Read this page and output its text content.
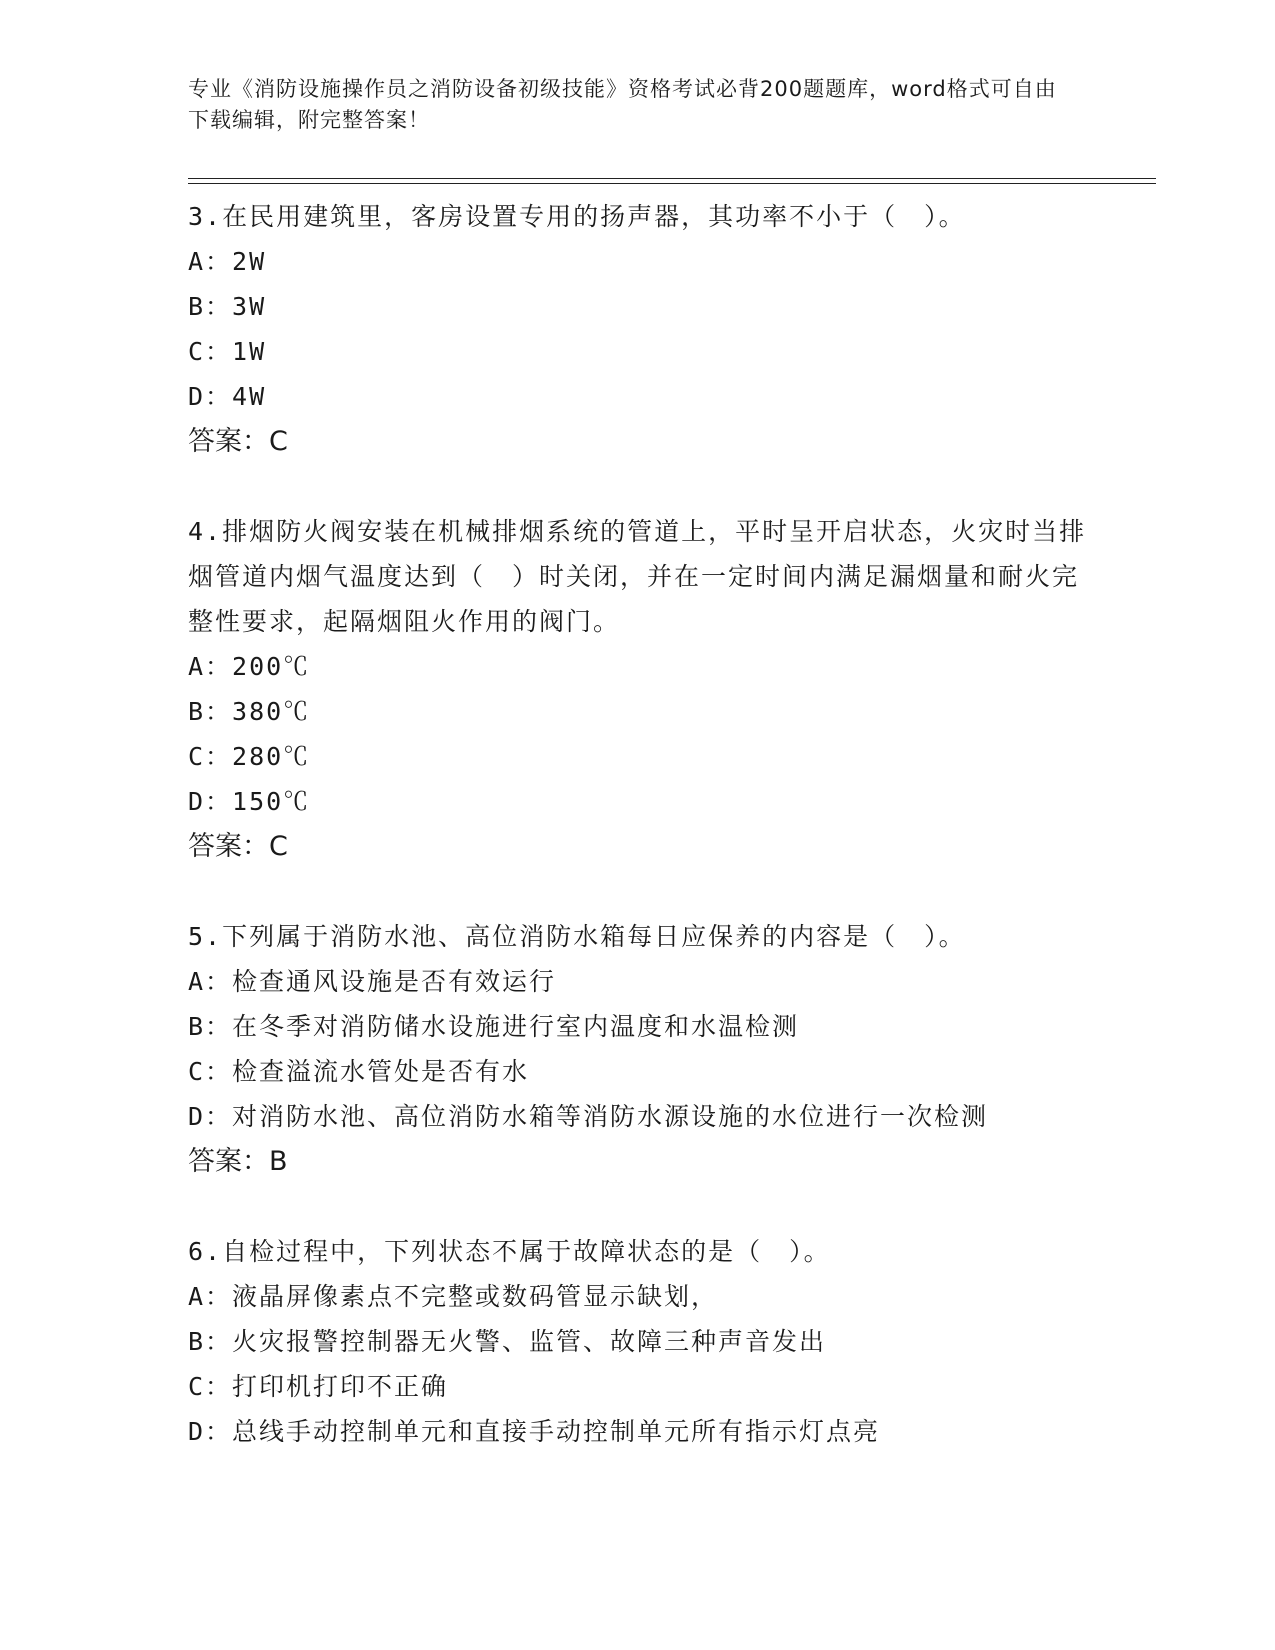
专业《消防设施操作员之消防设备初级技能》资格考试必背200题题库，word格式可自由下载编辑，附完整答案！

3.在民用建筑里，客房设置专用的扬声器，其功率不小于（　）。

A：2W

B：3W

C：1W

D：4W

答案：C

4.排烟防火阀安装在机械排烟系统的管道上，平时呈开启状态，火灾时当排烟管道内烟气温度达到（　）时关闭，并在一定时间内满足漏烟量和耐火完整性要求，起隔烟阻火作用的阀门。

A：200℃

B：380℃

C：280℃

D：150℃

答案：C

5.下列属于消防水池、高位消防水箱每日应保养的内容是（　）。

A：检查通风设施是否有效运行

B：在冬季对消防储水设施进行室内温度和水温检测

C：检查溢流水管处是否有水

D：对消防水池、高位消防水箱等消防水源设施的水位进行一次检测

答案：B

6.自检过程中，下列状态不属于故障状态的是（　）。

A：液晶屏像素点不完整或数码管显示缺划，

B：火灾报警控制器无火警、监管、故障三种声音发出

C：打印机打印不正确

D：总线手动控制单元和直接手动控制单元所有指示灯点亮
